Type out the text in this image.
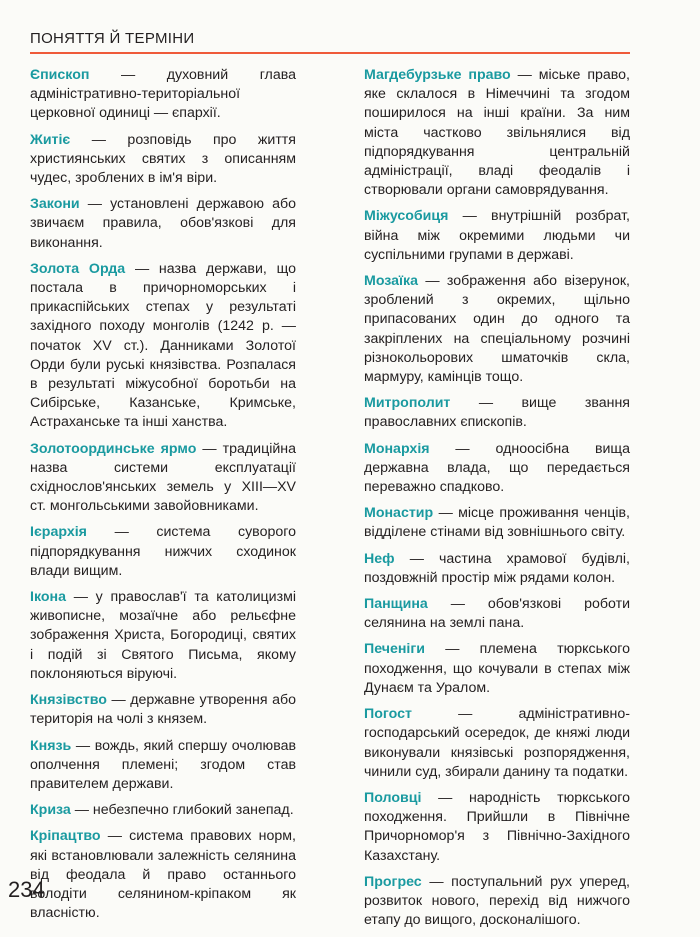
ПОНЯТТЯ Й ТЕРМІНИ

Єпископ — духовний глава адміністративно-територіальної церковної одиниці — єпархії.

Житіє — розповідь про життя християнських святих з описанням чудес, зроблених в ім'я віри.

Закони — установлені державою або звичаєм правила, обов'язкові для виконання.

Золота Орда — назва держави, що постала в причорноморських і прикаспійських степах у результаті західного походу монголів (1242 р. — початок XV ст.). Данниками Золотої Орди були руські князівства. Розпалася в результаті міжусобної боротьби на Сибірське, Казанське, Кримське, Астраханське та інші ханства.

Золотоординське ярмо — традиційна назва системи експлуатації східнослов'янських земель у XIII—XV ст. монгольськими завойовниками.

Ієрархія — система суворого підпорядкування нижчих сходинок влади вищим.

Ікона — у православ'ї та католицизмі живописне, мозаїчне або рельєфне зображення Христа, Богородиці, святих і подій зі Святого Письма, якому поклоняються віруючі.

Князівство — державне утворення або територія на чолі з князем.

Князь — вождь, який спершу очолював ополчення племені; згодом став правителем держави.

Криза — небезпечно глибокий занепад.

Кріпацтво — система правових норм, які встановлювали залежність селянина від феодала й право останнього володіти селянином-кріпаком як власністю.

Магдебурзьке право — міське право, яке склалося в Німеччині та згодом поширилося на інші країни. За ним міста частково звільнялися від підпорядкування центральній адміністрації, владі феодалів і створювали органи самоврядування.

Міжусобиця — внутрішній розбрат, війна між окремими людьми чи суспільними групами в державі.

Мозаїка — зображення або візерунок, зроблений з окремих, щільно припасованих один до одного та закріплених на спеціальному розчині різнокольорових шматочків скла, мармуру, камінців тощо.

Митрополит — вище звання православних єпископів.

Монархія — одноосібна вища державна влада, що передається переважно спадково.

Монастир — місце проживання ченців, відділене стінами від зовнішнього світу.

Неф — частина храмової будівлі, поздовжній простір між рядами колон.

Панщина — обов'язкові роботи селянина на землі пана.

Печеніги — племена тюркського походження, що кочували в степах між Дунаєм та Уралом.

Погост — адміністративно-господарський осередок, де княжі люди виконували князівські розпорядження, чинили суд, збирали данину та податки.

Половці — народність тюркського походження. Прийшли в Північне Причорномор'я з Північно-Західного Казахстану.

Прогрес — поступальний рух уперед, розвиток нового, перехід від нижчого етапу до вищого, досконалішого.

234
